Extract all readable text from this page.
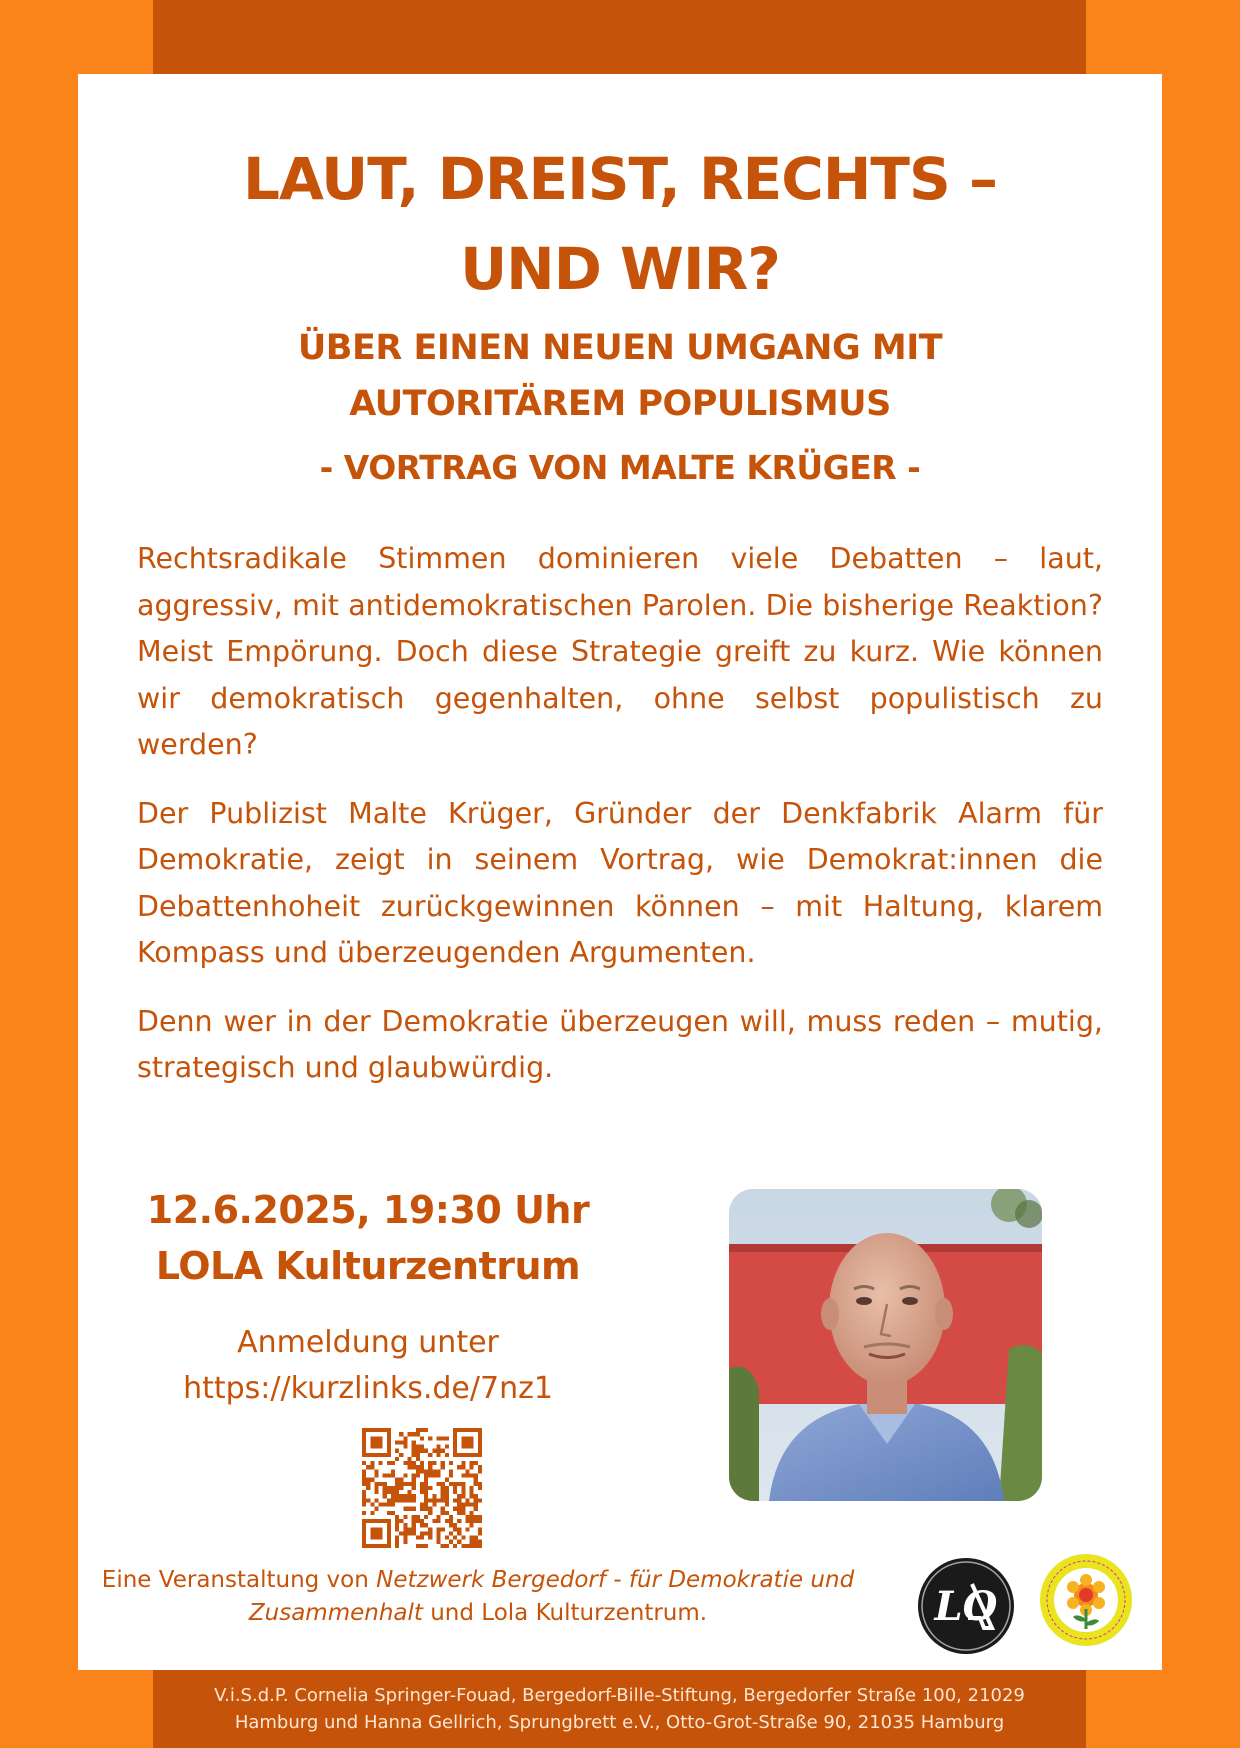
LAUT, DREIST, RECHTS –
UND WIR?
ÜBER EINEN NEUEN UMGANG MIT
AUTORITÄREM POPULISMUS
- VORTRAG VON MALTE KRÜGER -

Rechtsradikale Stimmen dominieren viele Debatten – laut, aggressiv, mit antidemokratischen Parolen. Die bisherige Reaktion? Meist Empörung. Doch diese Strategie greift zu kurz. Wie können wir demokratisch gegenhalten, ohne selbst populistisch zu werden?

Der Publizist Malte Krüger, Gründer der Denkfabrik Alarm für Demokratie, zeigt in seinem Vortrag, wie Demokrat:innen die Debattenhoheit zurückgewinnen können – mit Haltung, klarem Kompass und überzeugenden Argumenten.

Denn wer in der Demokratie überzeugen will, muss reden – mutig, strategisch und glaubwürdig.

12.6.2025, 19:30 Uhr
LOLA Kulturzentrum
Anmeldung unter
https://kurzlinks.de/7nz1
Eine Veranstaltung von Netzwerk Bergedorf - für Demokratie und Zusammenhalt und Lola Kulturzentrum.	LO
V.i.S.d.P. Cornelia Springer-Fouad, Bergedorf-Bille-Stiftung, Bergedorfer Straße 100, 21029
Hamburg und Hanna Gellrich, Sprungbrett e.V., Otto-Grot-Straße 90, 21035 Hamburg
